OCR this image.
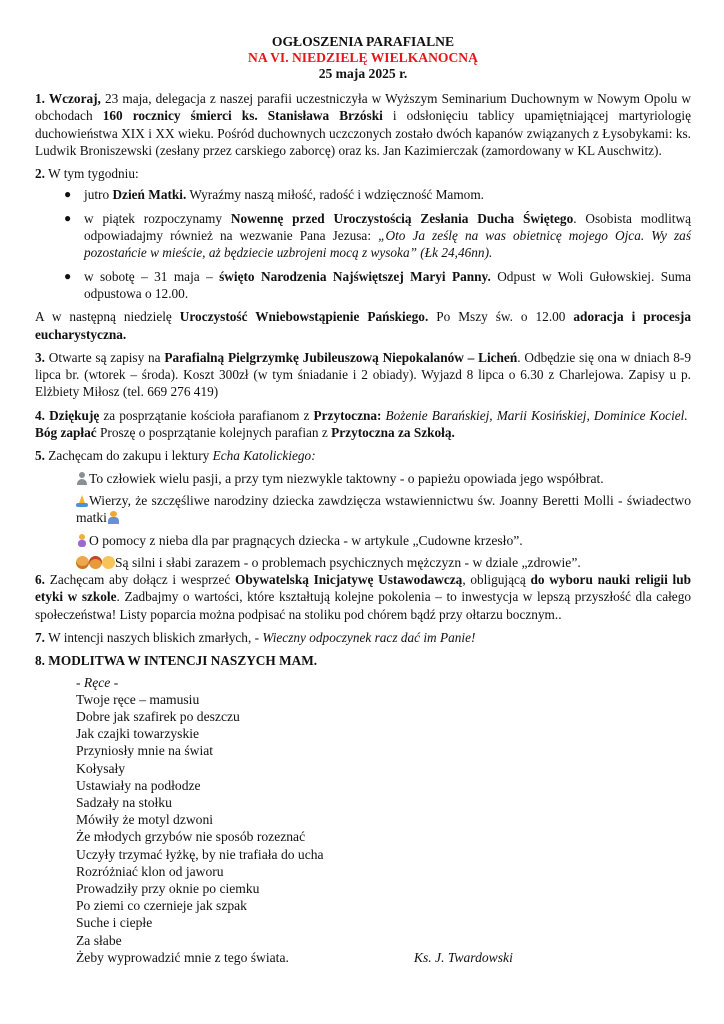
OGŁOSZENIA PARAFIALNE
NA VI. NIEDZIELĘ WIELKANOCNĄ
25 maja 2025 r.

1. Wczoraj, 23 maja, delegacja z naszej parafii uczestniczyła w Wyższym Seminarium Duchownym w Nowym Opolu w obchodach 160 rocznicy śmierci ks. Stanisława Brzóski i odsłonięciu tablicy upamiętniającej martyriologię duchowieństwa XIX i XX wieku. Pośród duchownych uczczonych zostało dwóch kapanów związanych z Łysobykami: ks. Ludwik Broniszewski (zesłany przez carskiego zaborcę) oraz ks. Jan Kazimierczak (zamordowany w KL Auschwitz).

2. W tym tygodniu:

● jutro Dzień Matki. Wyraźmy naszą miłość, radość i wdzięczność Mamom.
● w piątek rozpoczynamy Nowennę przed Uroczystością Zesłania Ducha Świętego. Osobista modlitwą odpowiadajmy również na wezwanie Pana Jezusa: „Oto Ja ześlę na was obietnicę mojego Ojca. Wy zaś pozostańcie w mieście, aż będziecie uzbrojeni mocą z wysoka” (Łk 24,46nn).
● w sobotę – 31 maja – święto Narodzenia Najświętszej Maryi Panny. Odpust w Woli Gułowskiej. Suma odpustowa o 12.00.

A w następną niedzielę Uroczystość Wniebowstąpienie Pańskiego. Po Mszy św. o 12.00 adoracja i procesja eucharystyczna.

3. Otwarte są zapisy na Parafialną Pielgrzymkę Jubileuszową Niepokalanów – Licheń. Odbędzie się ona w dniach 8-9 lipca br. (wtorek – środa). Koszt 300zł (w tym śniadanie i 2 obiady). Wyjazd 8 lipca o 6.30 z Charlejowa. Zapisy u p. Elżbiety Miłosz (tel. 669 276 419)

4. Dziękuję za posprzątanie kościoła parafianom z Przytoczna: Bożenie Barańskiej, Marii Kosińskiej, Dominice Kociel.  Bóg zapłać Proszę o posprzątanie kolejnych parafian z Przytoczna za Szkołą.

5. Zachęcam do zakupu i lektury Echa Katolickiego:

To człowiek wielu pasji, a przy tym niezwykle taktowny - o papieżu opowiada jego współbrat.
Wierzy, że szczęśliwe narodziny dziecka zawdzięcza wstawiennictwu św. Joanny Beretti Molli - świadectwo matki
O pomocy z nieba dla par pragnących dziecka - w artykule „Cudowne krzesło”.
Są silni i słabi zarazem - o problemach psychicznych mężczyzn - w dziale „zdrowie”.

6. Zachęcam aby dołącz i wesprzeć Obywatelską Inicjatywę Ustawodawczą, obligującą do wyboru nauki religii lub etyki w szkole. Zadbajmy o wartości, które kształtują kolejne pokolenia – to inwestycja w lepszą przyszłość dla całego społeczeństwa! Listy poparcia można podpisać na stoliku pod chórem bądź przy ołtarzu bocznym..

7. W intencji naszych bliskich zmarłych, - Wieczny odpoczynek racz dać im Panie!

8. MODLITWA W INTENCJI NASZYCH MAM.
- Ręce -
Twoje ręce – mamusiu
Dobre jak szafirek po deszczu
Jak czajki towarzyskie
Przyniosły mnie na świat
Kołysały
Ustawiały na podłodze
Sadzały na stołku
Mówiły że motyl dzwoni
Że młodych grzybów nie sposób rozeznać
Uczyły trzymać łyżkę, by nie trafiała do ucha
Rozróżniać klon od jaworu
Prowadziły przy oknie po ciemku
Po ziemi co czernieje jak szpak
Suche i ciepłe
Za słabe
Żeby wyprowadzić mnie z tego świata.	Ks. J. Twardowski
